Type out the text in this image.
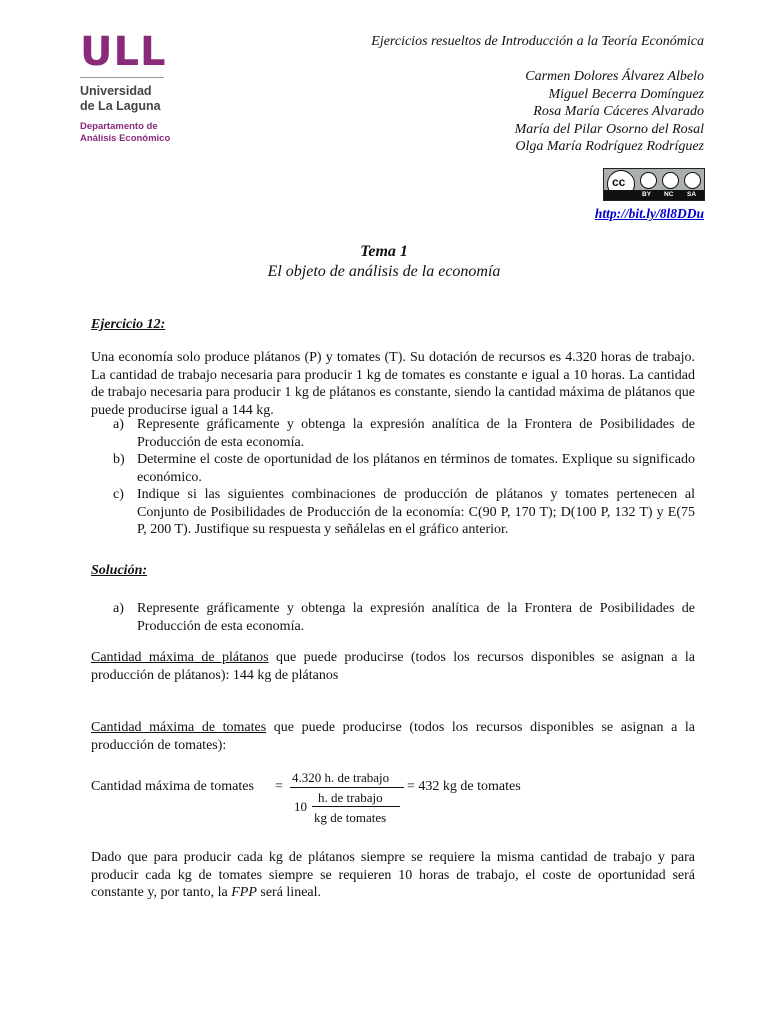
ULL
Universidad
de La Laguna
Departamento de
Análisis Económico
Ejercicios resueltos de Introducción a la Teoría Económica
Carmen Dolores Álvarez Albelo
Miguel Becerra Domínguez
Rosa María Cáceres Alvarado
María del Pilar Osorno del Rosal
Olga María Rodríguez Rodríguez
cc
BY NC SA
http://bit.ly/8l8DDu
Tema 1
El objeto de análisis de la economía
Ejercicio 12:
Una economía solo produce plátanos (P) y tomates (T). Su dotación de recursos es 4.320 horas de trabajo. La cantidad de trabajo necesaria para producir 1 kg de tomates es constante e igual a 10 horas. La cantidad de trabajo necesaria para producir 1 kg de plátanos es constante, siendo la cantidad máxima de plátanos que puede producirse igual a 144 kg.
a) Represente gráficamente y obtenga la expresión analítica de la Frontera de Posibilidades de Producción de esta economía.
b) Determine el coste de oportunidad de los plátanos en términos de tomates. Explique su significado económico.
c) Indique si las siguientes combinaciones de producción de plátanos y tomates pertenecen al Conjunto de Posibilidades de Producción de la economía: C(90 P, 170 T); D(100 P, 132 T) y E(75 P, 200 T). Justifique su respuesta y señálelas en el gráfico anterior.
Solución:
a) Represente gráficamente y obtenga la expresión analítica de la Frontera de Posibilidades de Producción de esta economía.
Cantidad máxima de plátanos que puede producirse (todos los recursos disponibles se asignan a la producción de plátanos): 144 kg de plátanos
Cantidad máxima de tomates que puede producirse (todos los recursos disponibles se asignan a la producción de tomates):
Cantidad máxima de tomates =
4.320 h. de trabajo
10
h. de trabajo
kg de tomates
= 432 kg de tomates
Dado que para producir cada kg de plátanos siempre se requiere la misma cantidad de trabajo y para producir cada kg de tomates siempre se requieren 10 horas de trabajo, el coste de oportunidad será constante y, por tanto, la FPP será lineal.
